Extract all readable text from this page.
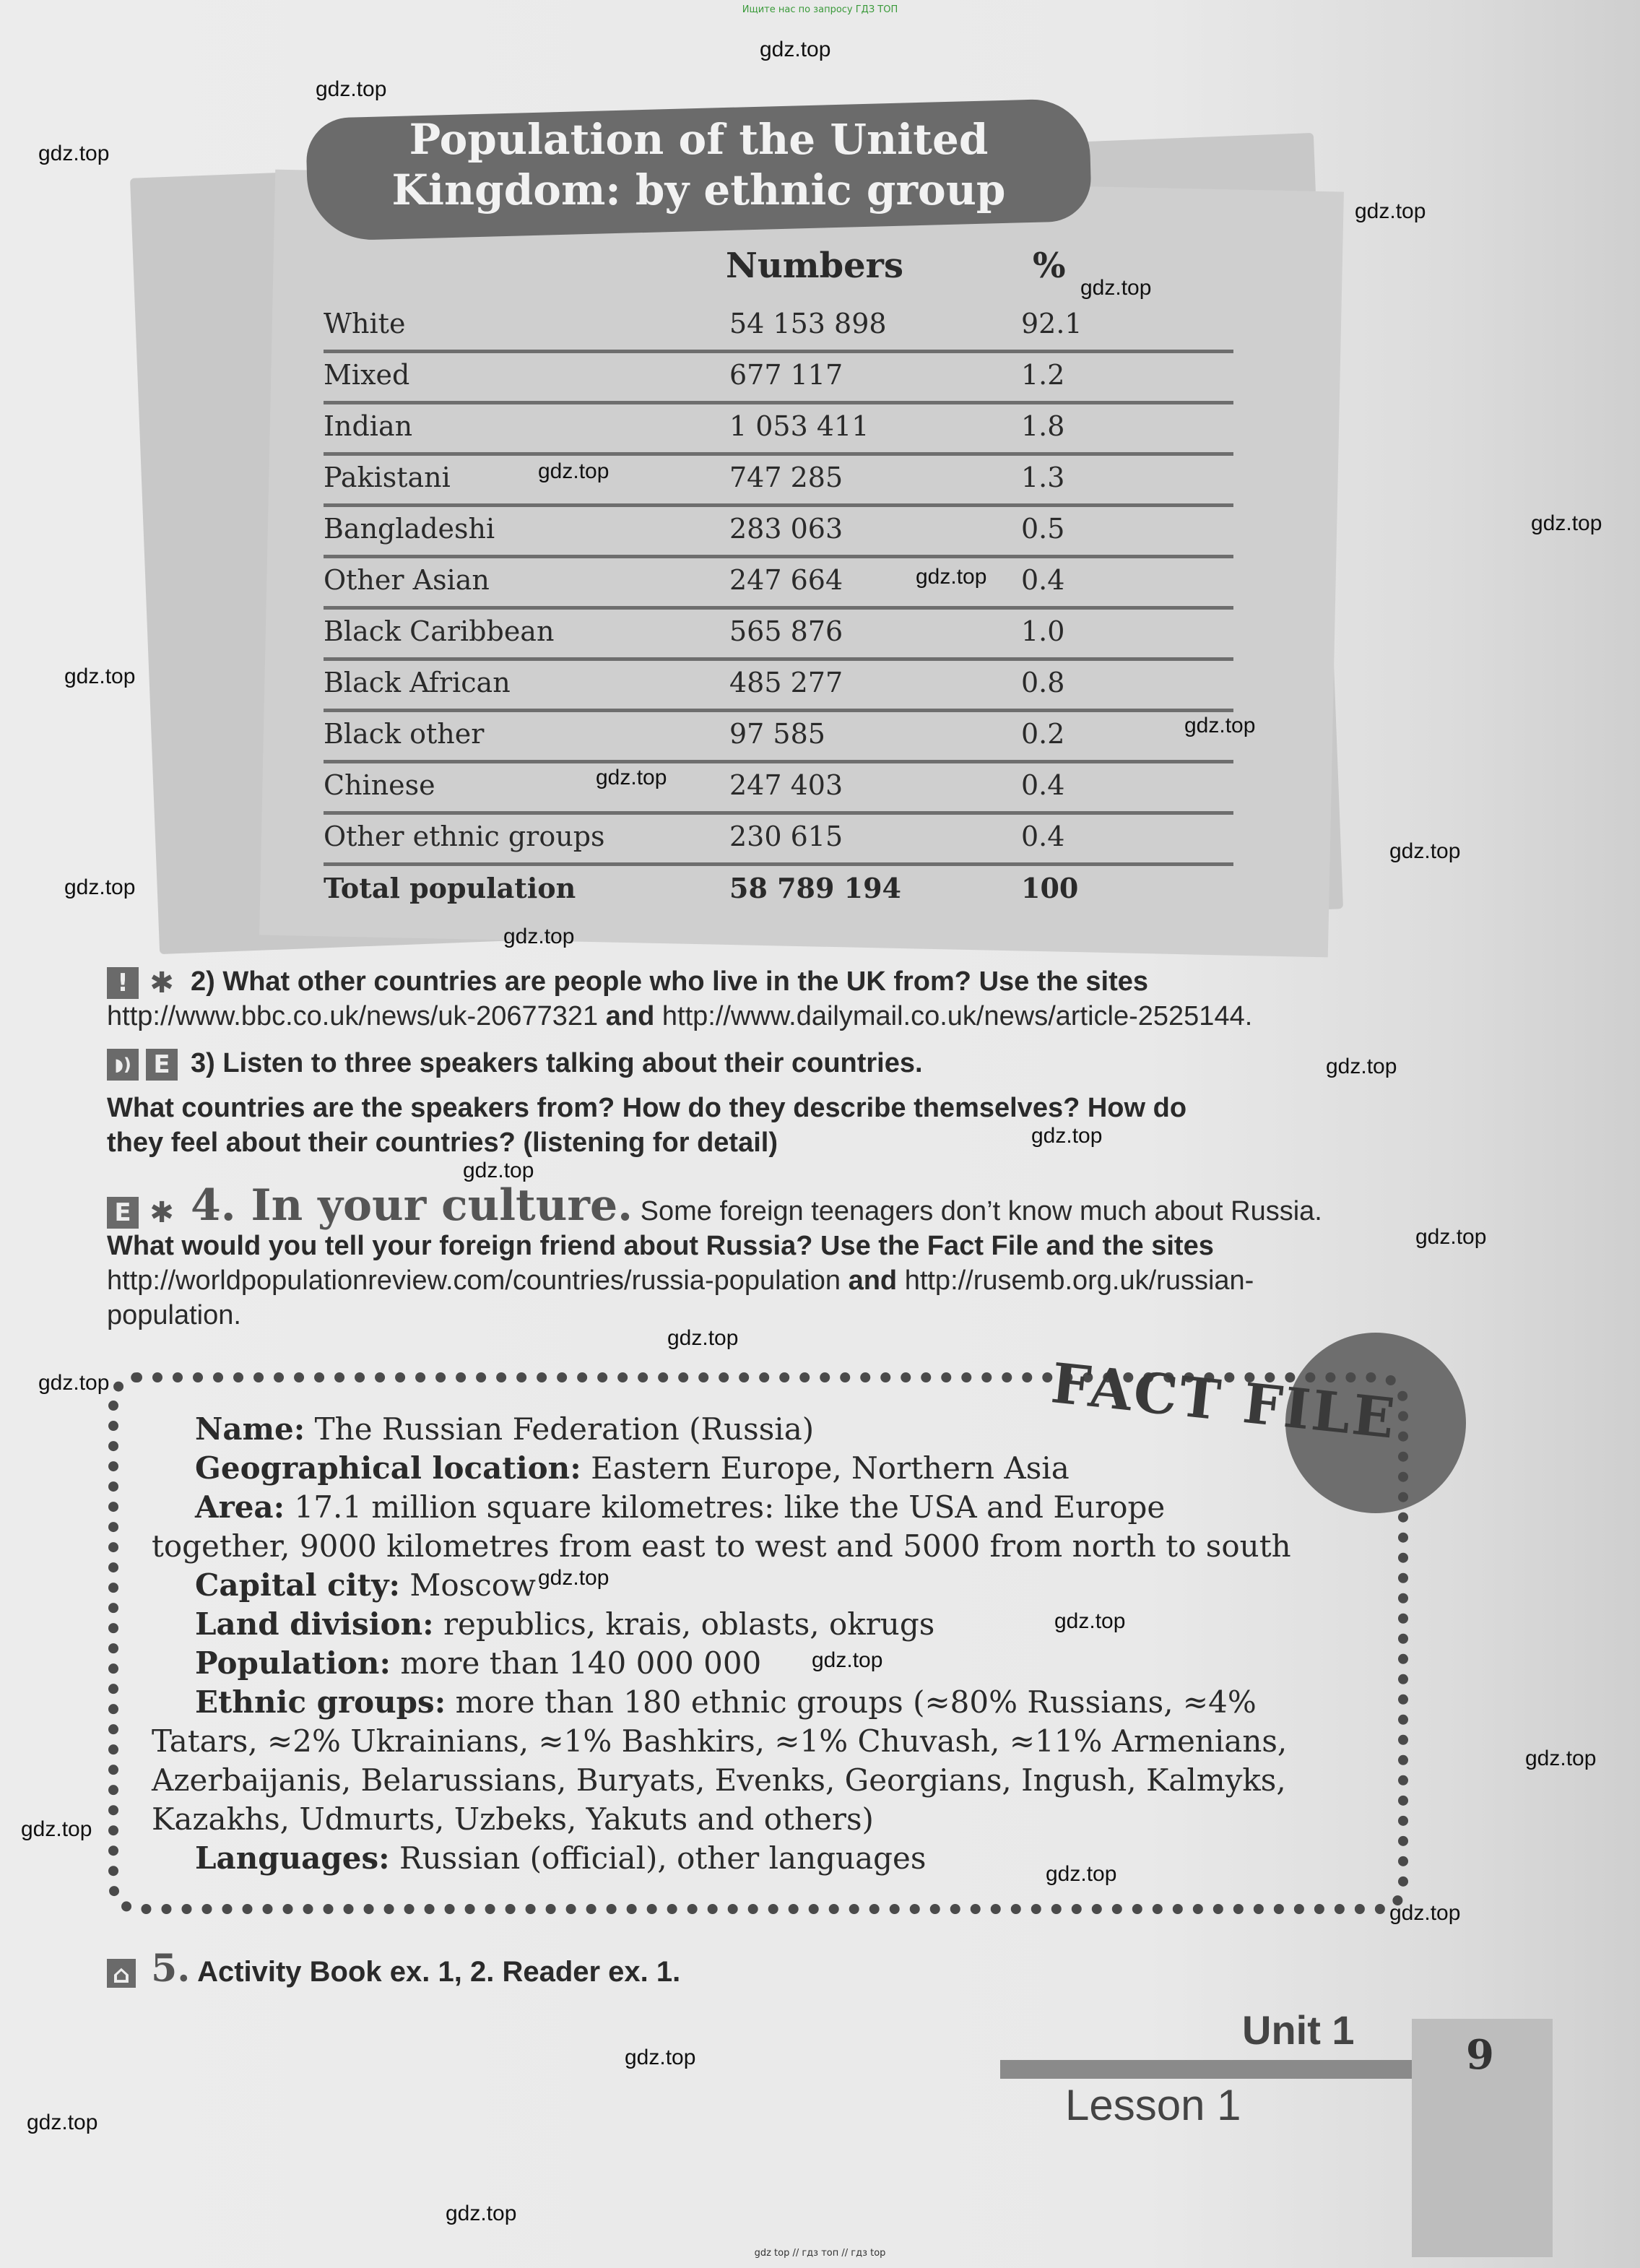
Ищите нас по запросу ГДЗ ТОП
Population of the United
Kingdom: by ethnic group
Numbers	%
White	54 153 898	92.1
Mixed	677 117	1.2
Indian	1 053 411	1.8
Pakistani	747 285	1.3
Bangladeshi	283 063	0.5
Other Asian	247 664	0.4
Black Caribbean	565 876	1.0
Black African	485 277	0.8
Black other	97 585	0.2
Chinese	247 403	0.4
Other ethnic groups	230 615	0.4
Total population	58 789 194	100
! ✱ 2) What other countries are people who live in the UK from? Use the sites
http://www.bbc.co.uk/news/uk-20677321 and http://www.dailymail.co.uk/news/article-2525144.
◗) E 3) Listen to three speakers talking about their countries.
What countries are the speakers from? How do they describe themselves? How do
they feel about their countries? (listening for detail)
E ✱ 4. In your culture. Some foreign teenagers don’t know much about Russia.
What would you tell your foreign friend about Russia? Use the Fact File and the sites
http://worldpopulationreview.com/countries/russia-population and http://rusemb.org.uk/russian-
population.
FACT FILE
Name: The Russian Federation (Russia)
Geographical location: Eastern Europe, Northern Asia
Area: 17.1 million square kilometres: like the USA and Europe
together, 9000 kilometres from east to west and 5000 from north to south
Capital city: Moscow
Land division: republics, krais, oblasts, okrugs
Population: more than 140 000 000
Ethnic groups: more than 180 ethnic groups (≈80% Russians, ≈4%
Tatars, ≈2% Ukrainians, ≈1% Bashkirs, ≈1% Chuvash, ≈11% Armenians,
Azerbaijanis, Belarussians, Buryats, Evenks, Georgians, Ingush, Kalmyks,
Kazakhs, Udmurts, Uzbeks, Yakuts and others)
Languages: Russian (official), other languages
⌂ 5. Activity Book ex. 1, 2. Reader ex. 1.
Unit 1
9
Lesson 1
gdz.top
gdz.top
gdz.top
gdz.top
gdz.top
gdz.top
gdz.top
gdz.top
gdz.top
gdz.top
gdz.top
gdz.top
gdz.top
gdz.top
gdz.top
gdz.top
gdz.top
gdz.top
gdz.top
gdz.top
gdz.top
gdz.top
gdz.top
gdz.top
gdz.top
gdz.top
gdz.top
gdz.top
gdz.top
gdz.top
gdz top // гдз топ // гдз top
